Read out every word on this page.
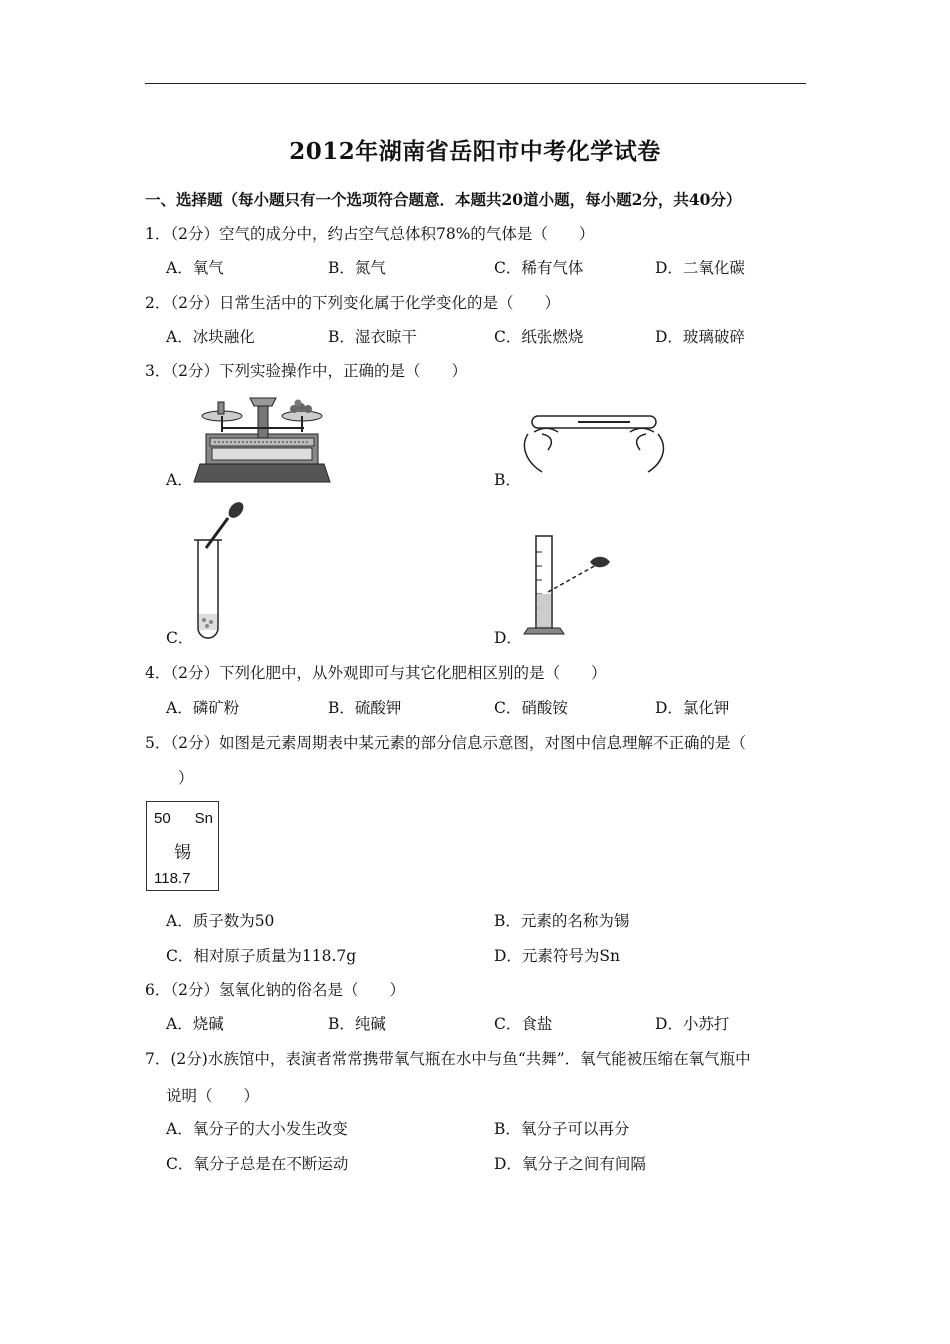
2012年湖南省岳阳市中考化学试卷
一、选择题（每小题只有一个选项符合题意．本题共20道小题，每小题2分，共40分）
1．（2分）空气的成分中，约占空气总体积78%的气体是（　　）
A．氧气	B．氮气	C．稀有气体	D．二氧化碳
2．（2分）日常生活中的下列变化属于化学变化的是（　　）
A．冰块融化	B．湿衣晾干	C．纸张燃烧	D．玻璃破碎
3．（2分）下列实验操作中，正确的是（　　）
A．	B．
C．	D．
4．（2分）下列化肥中，从外观即可与其它化肥相区别的是（　　）
A．磷矿粉	B．硫酸钾	C．硝酸铵	D．氯化钾
5．（2分）如图是元素周期表中某元素的部分信息示意图，对图中信息理解不正确的是（
）
50 Sn
锡
118.7
A．质子数为50	B．元素的名称为锡
C．相对原子质量为118.7g	D．元素符号为Sn
6．（2分）氢氧化钠的俗名是（　　）
A．烧碱	B．纯碱	C．食盐	D．小苏打
7．(2分)水族馆中，表演者常常携带氧气瓶在水中与鱼“共舞”．氧气能被压缩在氧气瓶中
说明（　　）
A．氧分子的大小发生改变	B．氧分子可以再分
C．氧分子总是在不断运动	D．氧分子之间有间隔
